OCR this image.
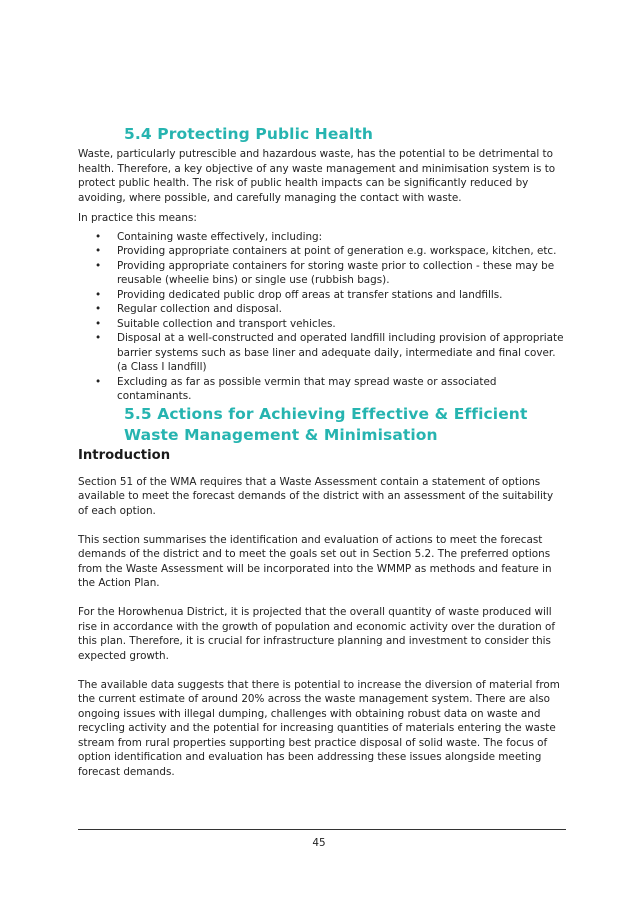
5.4 Protecting Public Health

Waste, particularly putrescible and hazardous waste, has the potential to be detrimental to health. Therefore, a key objective of any waste management and minimisation system is to protect public health. The risk of public health impacts can be significantly reduced by avoiding, where possible, and carefully managing the contact with waste.

In practice this means:

• Containing waste effectively, including:
• Providing appropriate containers at point of generation e.g. workspace, kitchen, etc.
• Providing appropriate containers for storing waste prior to collection - these may be reusable (wheelie bins) or single use (rubbish bags).
• Providing dedicated public drop off areas at transfer stations and landfills.
• Regular collection and disposal.
• Suitable collection and transport vehicles.
• Disposal at a well-constructed and operated landfill including provision of appropriate barrier systems such as base liner and adequate daily, intermediate and final cover. (a Class I landfill)
• Excluding as far as possible vermin that may spread waste or associated contaminants.
5.5 Actions for Achieving Effective & Efficient Waste Management & Minimisation
Introduction

Section 51 of the WMA requires that a Waste Assessment contain a statement of options available to meet the forecast demands of the district with an assessment of the suitability of each option.

This section summarises the identification and evaluation of actions to meet the forecast demands of the district and to meet the goals set out in Section 5.2. The preferred options from the Waste Assessment will be incorporated into the WMMP as methods and feature in the Action Plan.

For the Horowhenua District, it is projected that the overall quantity of waste produced will rise in accordance with the growth of population and economic activity over the duration of this plan. Therefore, it is crucial for infrastructure planning and investment to consider this expected growth.

The available data suggests that there is potential to increase the diversion of material from the current estimate of around 20% across the waste management system. There are also ongoing issues with illegal dumping, challenges with obtaining robust data on waste and recycling activity and the potential for increasing quantities of materials entering the waste stream from rural properties supporting best practice disposal of solid waste. The focus of option identification and evaluation has been addressing these issues alongside meeting forecast demands.

45
